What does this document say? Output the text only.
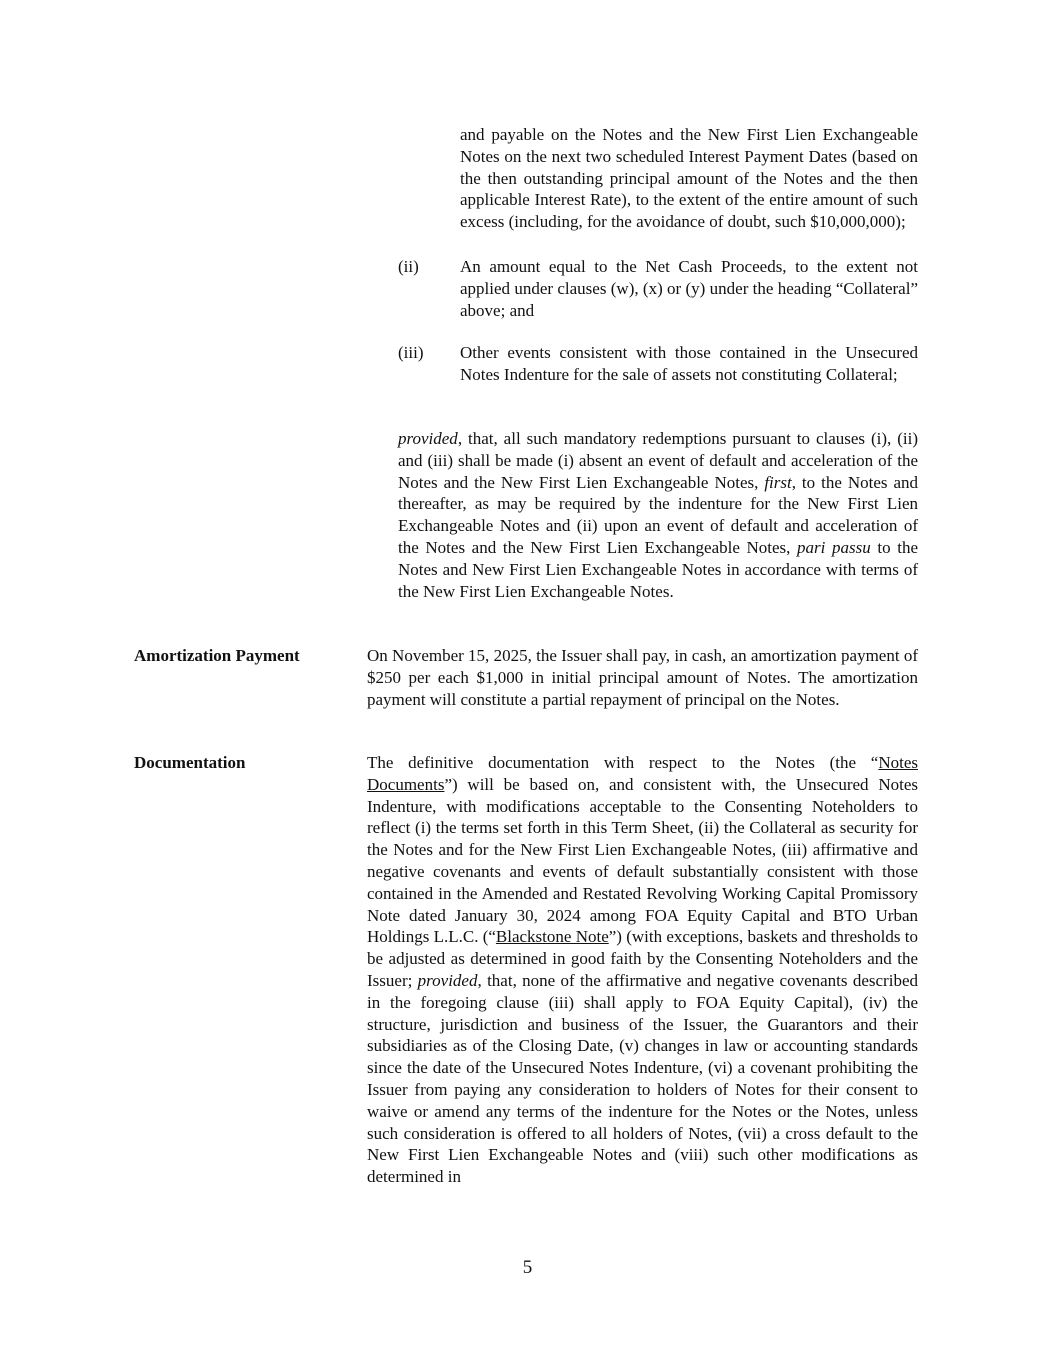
and payable on the Notes and the New First Lien Exchangeable Notes on the next two scheduled Interest Payment Dates (based on the then outstanding principal amount of the Notes and the then applicable Interest Rate), to the extent of the entire amount of such excess (including, for the avoidance of doubt, such $10,000,000);

(ii)	An amount equal to the Net Cash Proceeds, to the extent not applied under clauses (w), (x) or (y) under the heading “Collateral” above; and

(iii)	Other events consistent with those contained in the Unsecured Notes Indenture for the sale of assets not constituting Collateral;

provided, that, all such mandatory redemptions pursuant to clauses (i), (ii) and (iii) shall be made (i) absent an event of default and acceleration of the Notes and the New First Lien Exchangeable Notes, first, to the Notes and thereafter, as may be required by the indenture for the New First Lien Exchangeable Notes and (ii) upon an event of default and acceleration of the Notes and the New First Lien Exchangeable Notes, pari passu to the Notes and New First Lien Exchangeable Notes in accordance with terms of the New First Lien Exchangeable Notes.

Amortization Payment	On November 15, 2025, the Issuer shall pay, in cash, an amortization payment of $250 per each $1,000 in initial principal amount of Notes. The amortization payment will constitute a partial repayment of principal on the Notes.

Documentation	The definitive documentation with respect to the Notes (the “Notes Documents”) will be based on, and consistent with, the Unsecured Notes Indenture, with modifications acceptable to the Consenting Noteholders to reflect (i) the terms set forth in this Term Sheet, (ii) the Collateral as security for the Notes and for the New First Lien Exchangeable Notes, (iii) affirmative and negative covenants and events of default substantially consistent with those contained in the Amended and Restated Revolving Working Capital Promissory Note dated January 30, 2024 among FOA Equity Capital and BTO Urban Holdings L.L.C. (“Blackstone Note”) (with exceptions, baskets and thresholds to be adjusted as determined in good faith by the Consenting Noteholders and the Issuer; provided, that, none of the affirmative and negative covenants described in the foregoing clause (iii) shall apply to FOA Equity Capital), (iv) the structure, jurisdiction and business of the Issuer, the Guarantors and their subsidiaries as of the Closing Date, (v) changes in law or accounting standards since the date of the Unsecured Notes Indenture, (vi) a covenant prohibiting the Issuer from paying any consideration to holders of Notes for their consent to waive or amend any terms of the indenture for the Notes or the Notes, unless such consideration is offered to all holders of Notes, (vii) a cross default to the New First Lien Exchangeable Notes and (viii) such other modifications as determined in

5
